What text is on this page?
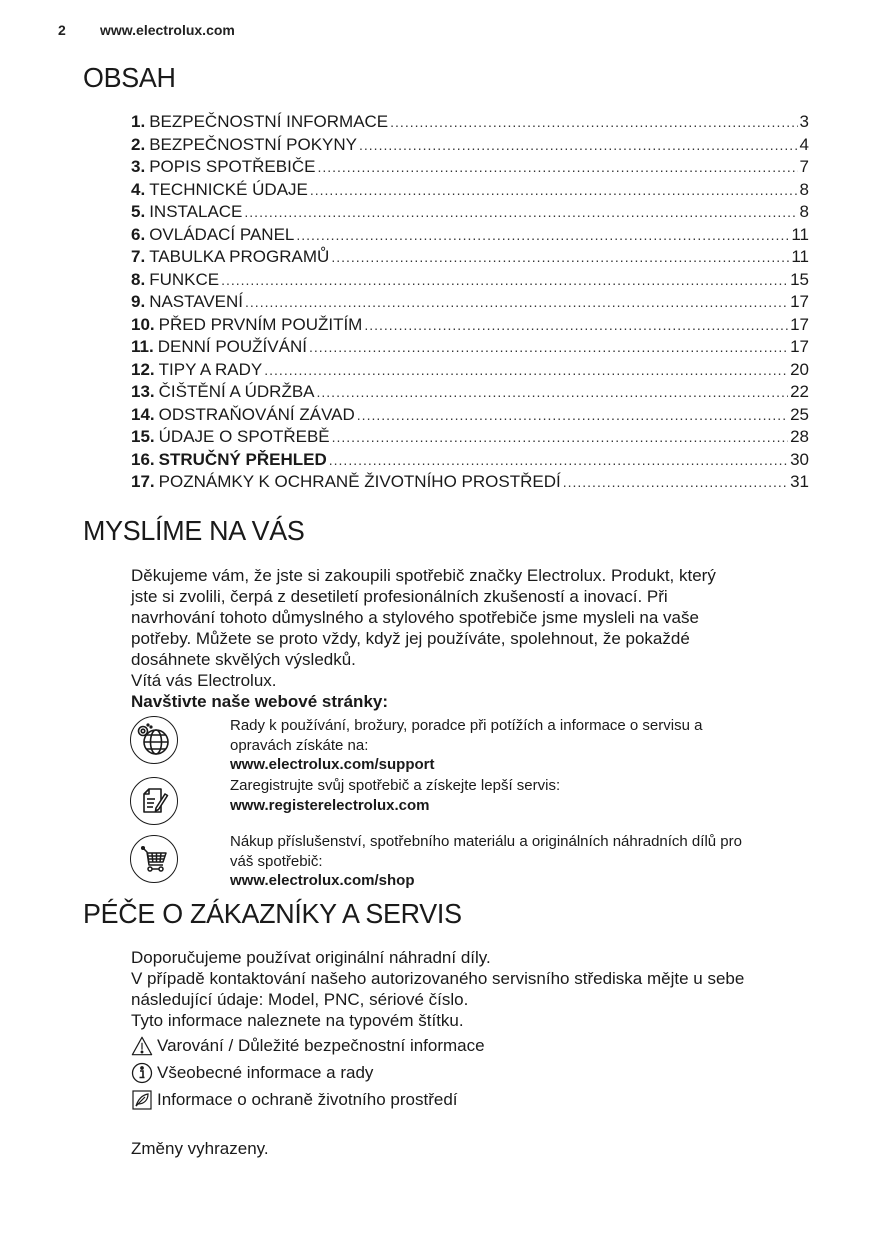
2 www.electrolux.com
OBSAH
1. BEZPEČNOSTNÍ INFORMACE .....	3
2. BEZPEČNOSTNÍ POKYNY .....	4
3. POPIS SPOTŘEBIČE .....	7
4. TECHNICKÉ ÚDAJE .....	8
5. INSTALACE .....	8
6. OVLÁDACÍ PANEL .....	11
7. TABULKA PROGRAMŮ .....	11
8. FUNKCE .....	15
9. NASTAVENÍ .....	17
10. PŘED PRVNÍM POUŽITÍM .....	17
11. DENNÍ POUŽÍVÁNÍ .....	17
12. TIPY A RADY .....	20
13. ČIŠTĚNÍ A ÚDRŽBA .....	22
14. ODSTRAŇOVÁNÍ ZÁVAD .....	25
15. ÚDAJE O SPOTŘEBĚ .....	28
16. STRUČNÝ PŘEHLED .....	30
17. POZNÁMKY K OCHRANĚ ŽIVOTNÍHO PROSTŘEDÍ .....	31
MYSLÍME NA VÁS

Děkujeme vám, že jste si zakoupili spotřebič značky Electrolux. Produkt, který

jste si zvolili, čerpá z desetiletí profesionálních zkušeností a inovací. Při

navrhování tohoto důmyslného a stylového spotřebiče jsme mysleli na vaše

potřeby. Můžete se proto vždy, když jej používáte, spolehnout, že pokaždé

dosáhnete skvělých výsledků.

Vítá vás Electrolux.

Navštivte naše webové stránky:

Rady k používání, brožury, poradce při potížích a informace o servisu a

opravách získáte na:

www.electrolux.com/support

Zaregistrujte svůj spotřebič a získejte lepší servis:

www.registerelectrolux.com

Nákup příslušenství, spotřebního materiálu a originálních náhradních dílů pro

váš spotřebič:

www.electrolux.com/shop

PÉČE O ZÁKAZNÍKY A SERVIS

Doporučujeme používat originální náhradní díly.

V případě kontaktování našeho autorizovaného servisního střediska mějte u sebe

následující údaje: Model, PNC, sériové číslo.

Tyto informace naleznete na typovém štítku.

Varování / Důležité bezpečnostní informace
Všeobecné informace a rady
Informace o ochraně životního prostředí

Změny vyhrazeny.
